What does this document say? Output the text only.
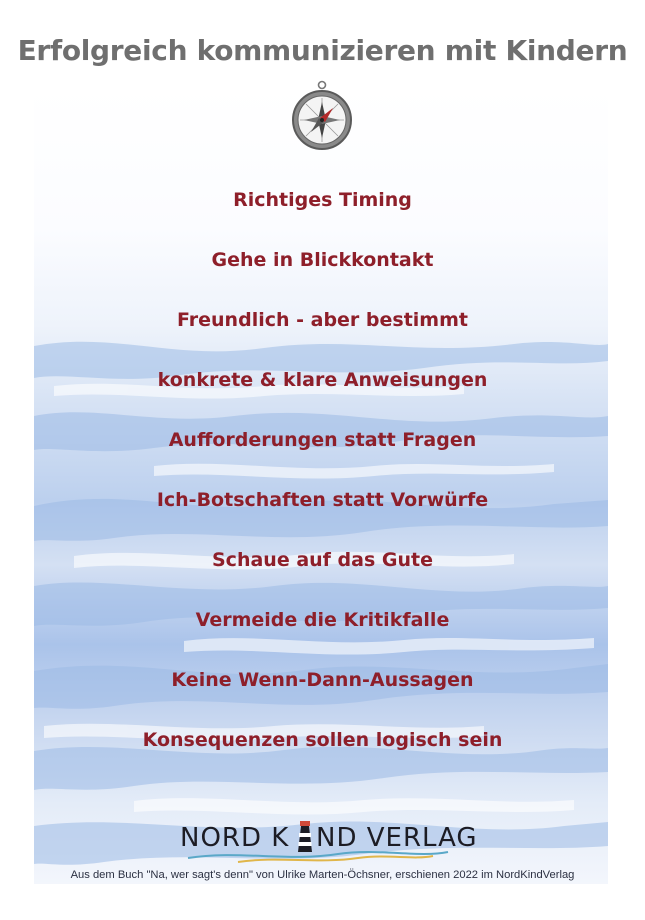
Erfolgreich kommunizieren mit Kindern
Richtiges Timing
Gehe in Blickkontakt
Freundlich - aber bestimmt
konkrete & klare Anweisungen
Aufforderungen statt Fragen
Ich-Botschaften statt Vorwürfe
Schaue auf das Gute
Vermeide die Kritikfalle
Keine Wenn-Dann-Aussagen
Konsequenzen sollen logisch sein
NORD K ND VERLAG
Aus dem Buch "Na, wer sagt's denn" von Ulrike Marten-Öchsner, erschienen 2022 im NordKindVerlag
